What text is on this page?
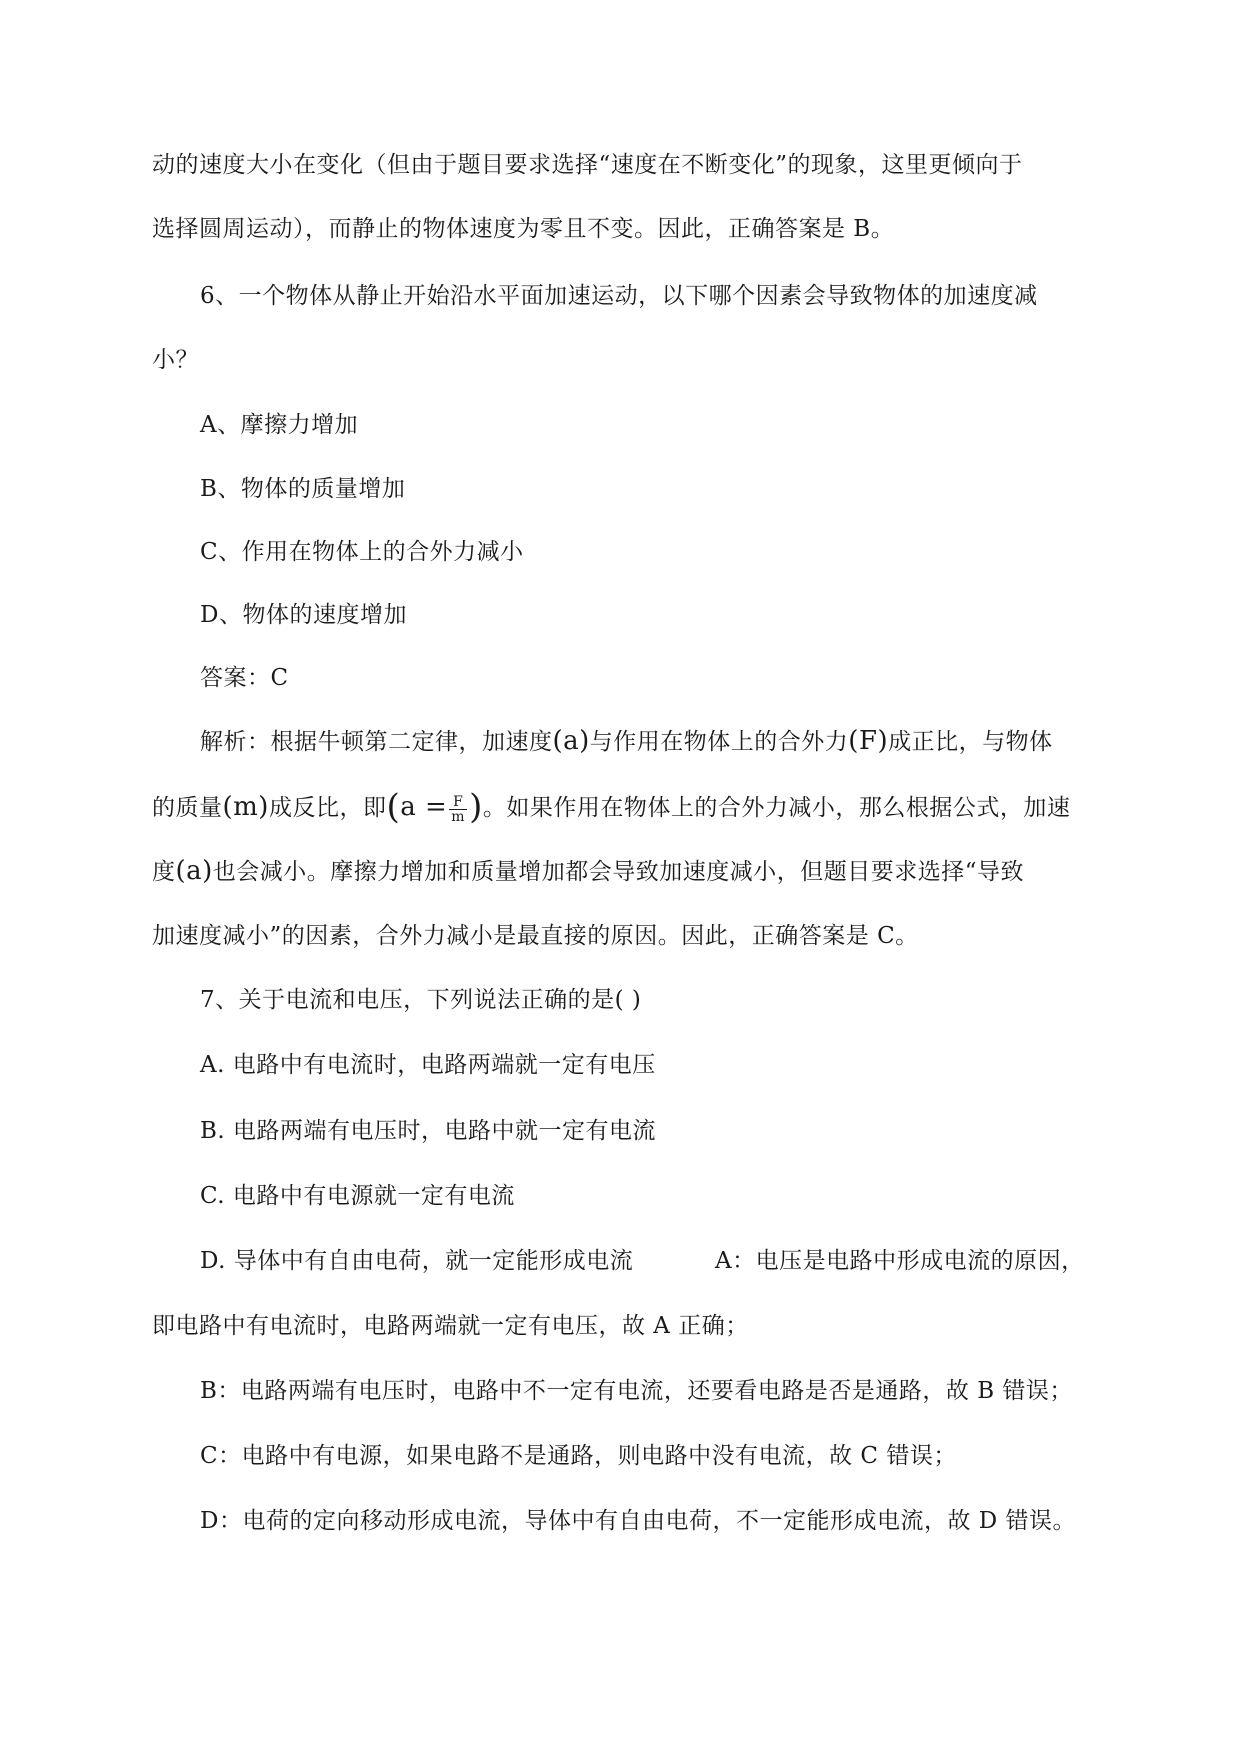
动的速度大小在变化（但由于题目要求选择“速度在不断变化”的现象，这里更倾向于
选择圆周运动），而静止的物体速度为零且不变。因此，正确答案是 B。
6、一个物体从静止开始沿水平面加速运动，以下哪个因素会导致物体的加速度减
小？
A、摩擦力增加
B、物体的质量增加
C、作用在物体上的合外力减小
D、物体的速度增加
答案：C
解析：根据牛顿第二定律，加速度(a)与作用在物体上的合外力(F)成正比，与物体
的质量(m)成反比，即($a = \frac{F}{m}$ )。如果作用在物体上的合外力减小，那么根据公式，加速
度(a)也会减小。摩擦力增加和质量增加都会导致加速度减小，但题目要求选择“导致
加速度减小”的因素，合外力减小是最直接的原因。因此，正确答案是 C。
7、关于电流和电压，下列说法正确的是( )
A. 电路中有电流时，电路两端就一定有电压
B. 电路两端有电压时，电路中就一定有电流
C. 电路中有电源就一定有电流
D. 导体中有自由电荷，就一定能形成电流	A：电压是电路中形成电流的原因，
即电路中有电流时，电路两端就一定有电压，故 A 正确；
B：电路两端有电压时，电路中不一定有电流，还要看电路是否是通路，故 B 错误；
C：电路中有电源，如果电路不是通路，则电路中没有电流，故 C 错误；
D：电荷的定向移动形成电流，导体中有自由电荷，不一定能形成电流，故 D 错误。
